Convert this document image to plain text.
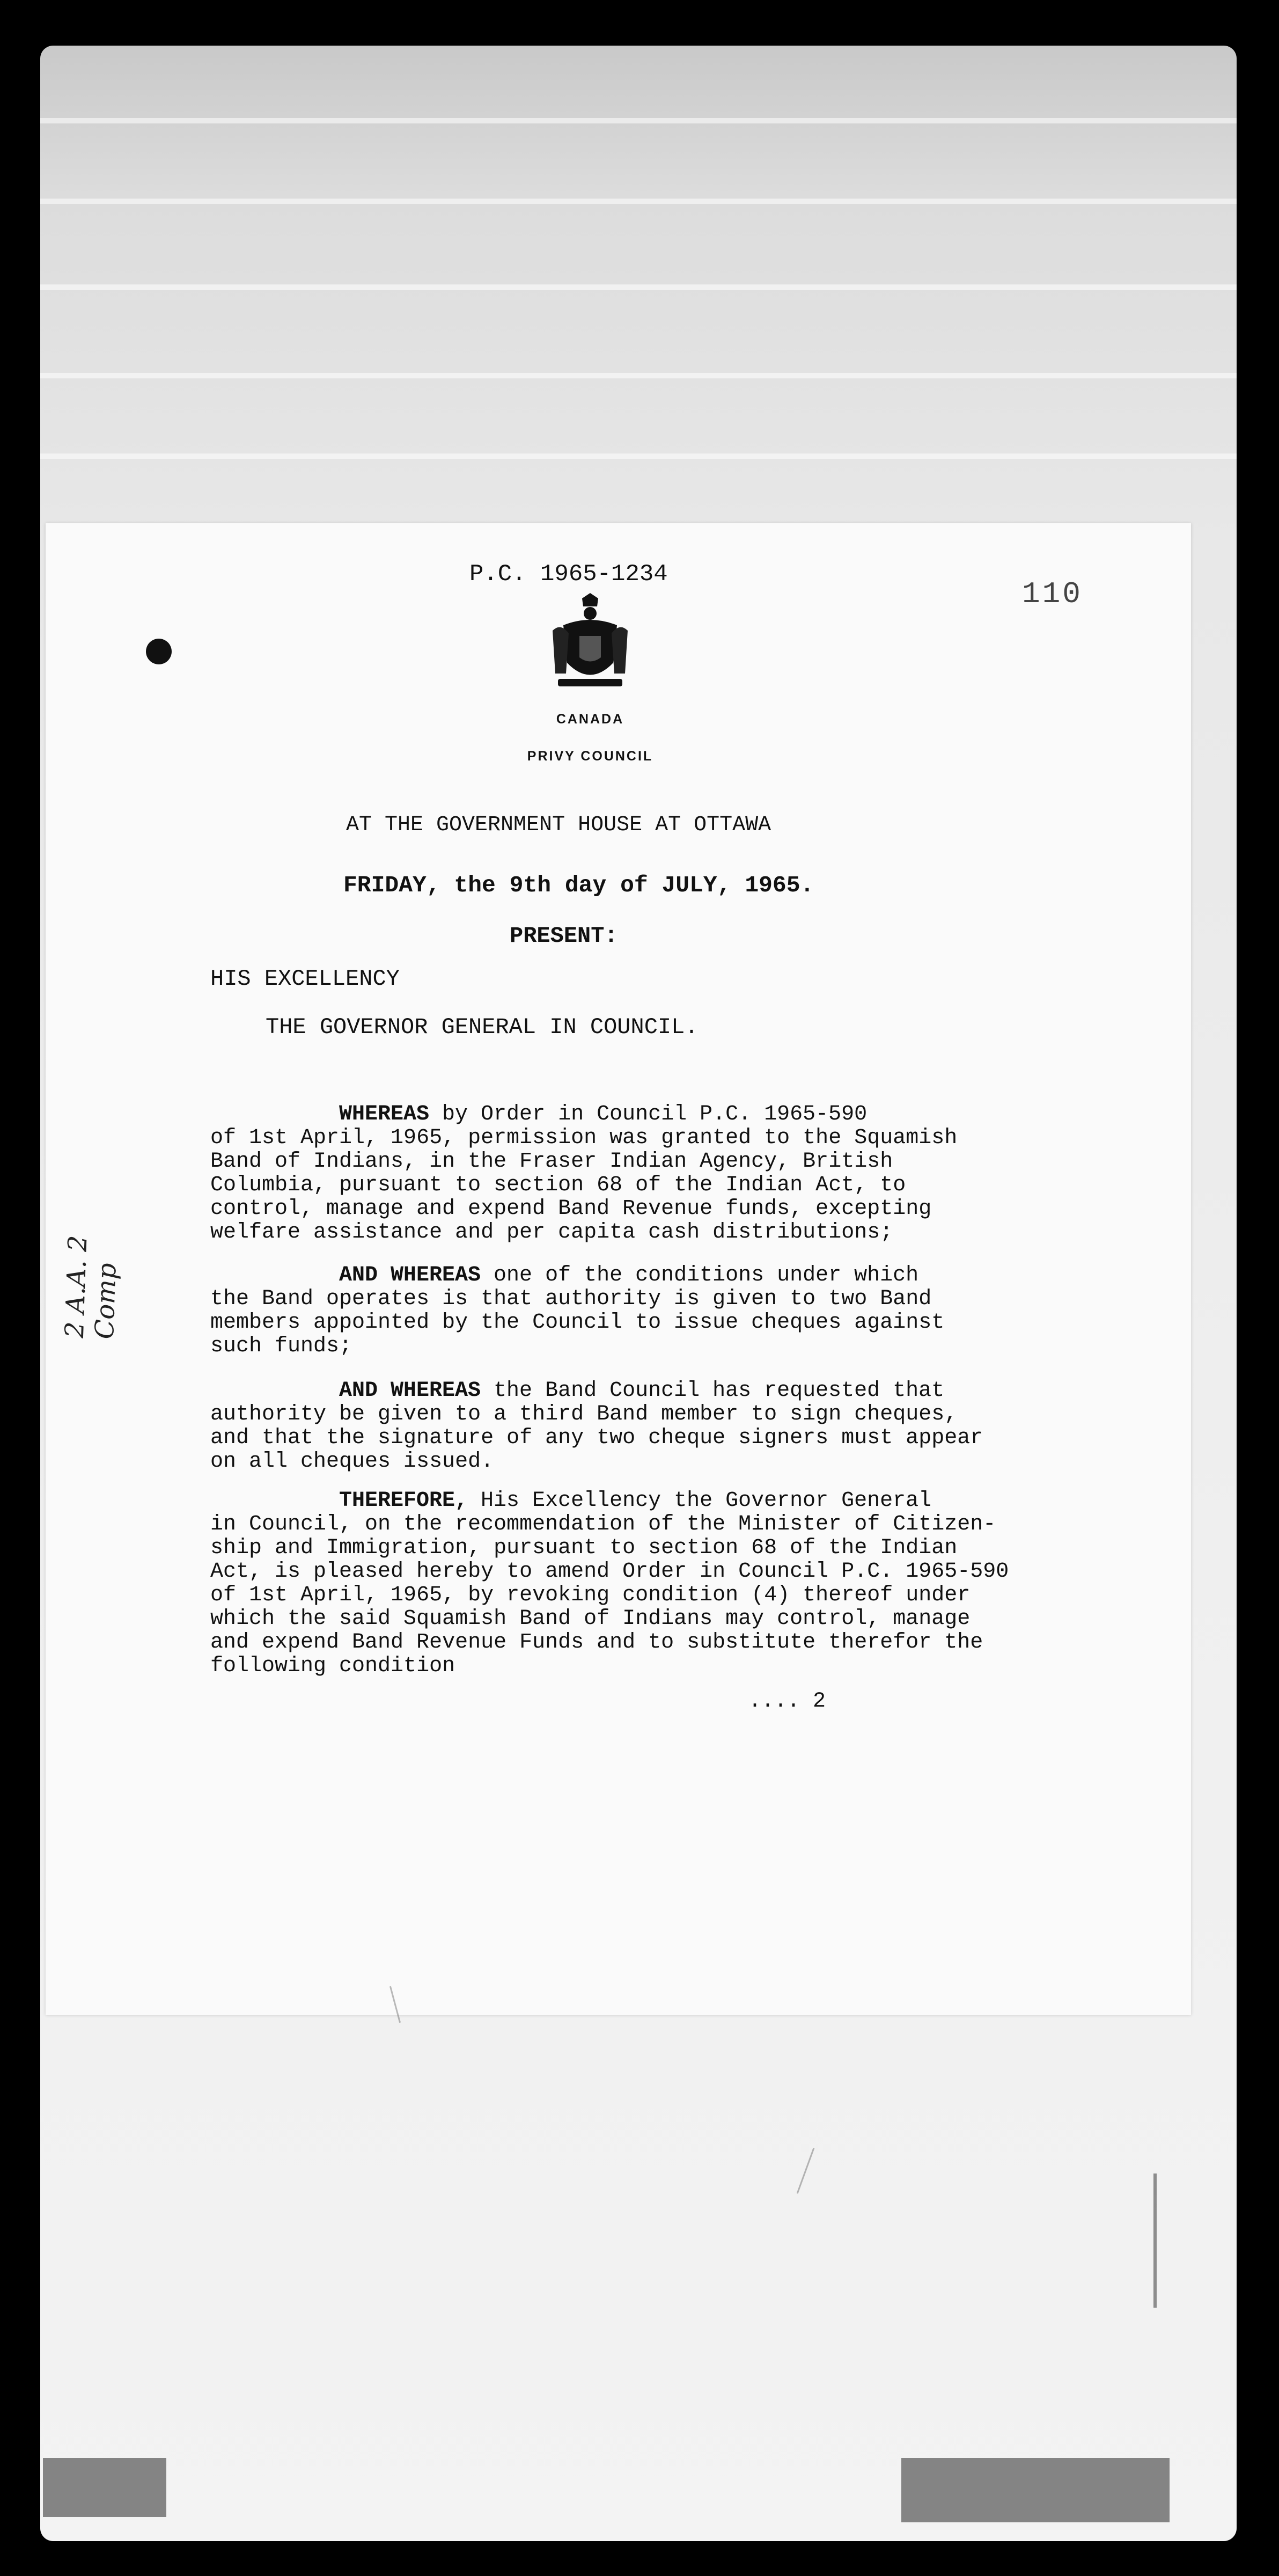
P.C. 1965-1234
110
CANADA
PRIVY COUNCIL
AT THE GOVERNMENT HOUSE AT OTTAWA
FRIDAY, the 9th day of JULY, 1965.
PRESENT:
HIS EXCELLENCY
THE GOVERNOR GENERAL IN COUNCIL.
WHEREAS by Order in Council P.C. 1965-590
of 1st April, 1965, permission was granted to the Squamish
Band of Indians, in the Fraser Indian Agency, British
Columbia, pursuant to section 68 of the Indian Act, to
control, manage and expend Band Revenue funds, excepting
welfare assistance and per capita cash distributions;
AND WHEREAS one of the conditions under which
the Band operates is that authority is given to two Band
members appointed by the Council to issue cheques against
such funds;
AND WHEREAS the Band Council has requested that
authority be given to a third Band member to sign cheques,
and that the signature of any two cheque signers must appear
on all cheques issued.
THEREFORE, His Excellency the Governor General
in Council, on the recommendation of the Minister of Citizen-
ship and Immigration, pursuant to section 68 of the Indian
Act, is pleased hereby to amend Order in Council P.C. 1965-590
of 1st April, 1965, by revoking condition (4) thereof under
which the said Squamish Band of Indians may control, manage
and expend Band Revenue Funds and to substitute therefor the
following condition
.... 2
2 A.A. 2 Comp
